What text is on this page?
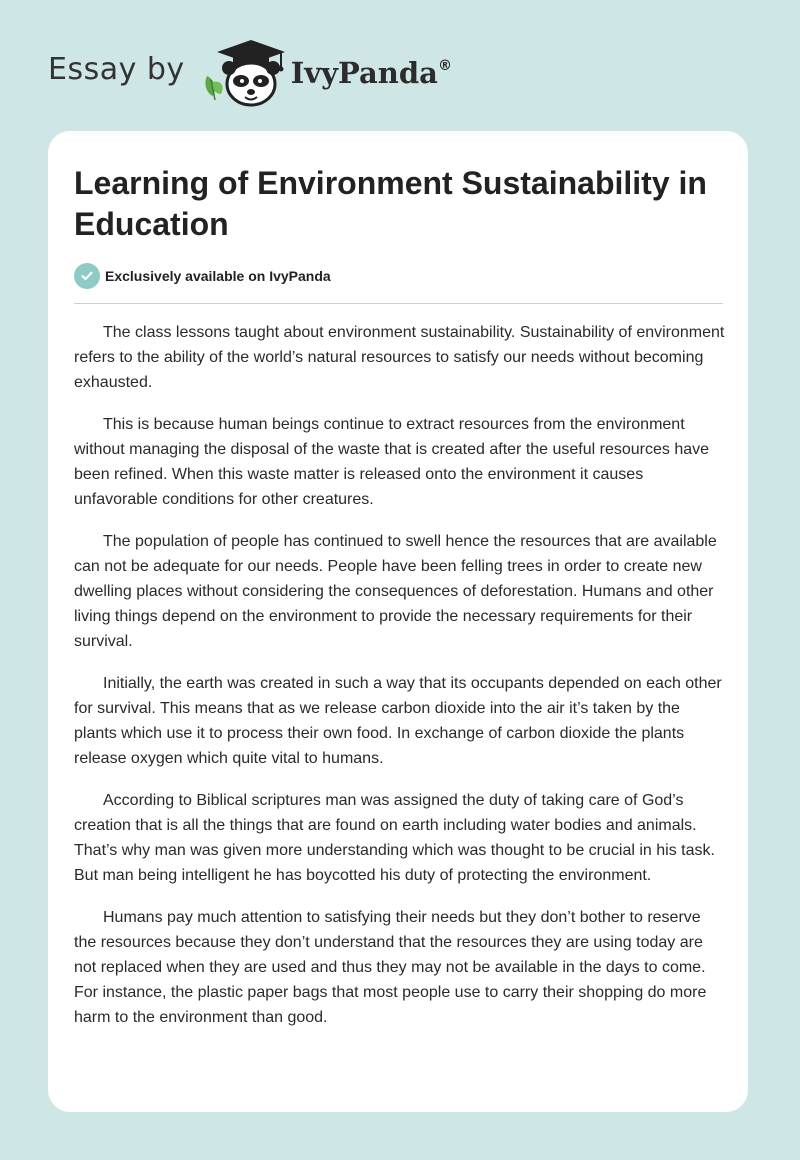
Essay by	IvyPanda®
Learning of Environment Sustainability in Education
Exclusively available on IvyPanda

The class lessons taught about environment sustainability. Sustainability of environment refers to the ability of the world’s natural resources to satisfy our needs without becoming exhausted.

This is because human beings continue to extract resources from the environment without managing the disposal of the waste that is created after the useful resources have been refined. When this waste matter is released onto the environment it causes unfavorable conditions for other creatures.

The population of people has continued to swell hence the resources that are available can not be adequate for our needs. People have been felling trees in order to create new dwelling places without considering the consequences of deforestation. Humans and other living things depend on the environment to provide the necessary requirements for their survival.

Initially, the earth was created in such a way that its occupants depended on each other for survival. This means that as we release carbon dioxide into the air it’s taken by the plants which use it to process their own food. In exchange of carbon dioxide the plants release oxygen which quite vital to humans.

According to Biblical scriptures man was assigned the duty of taking care of God’s creation that is all the things that are found on earth including water bodies and animals. That’s why man was given more understanding which was thought to be crucial in his task. But man being intelligent he has boycotted his duty of protecting the environment.

Humans pay much attention to satisfying their needs but they don’t bother to reserve the resources because they don’t understand that the resources they are using today are not replaced when they are used and thus they may not be available in the days to come. For instance, the plastic paper bags that most people use to carry their shopping do more harm to the environment than good.
